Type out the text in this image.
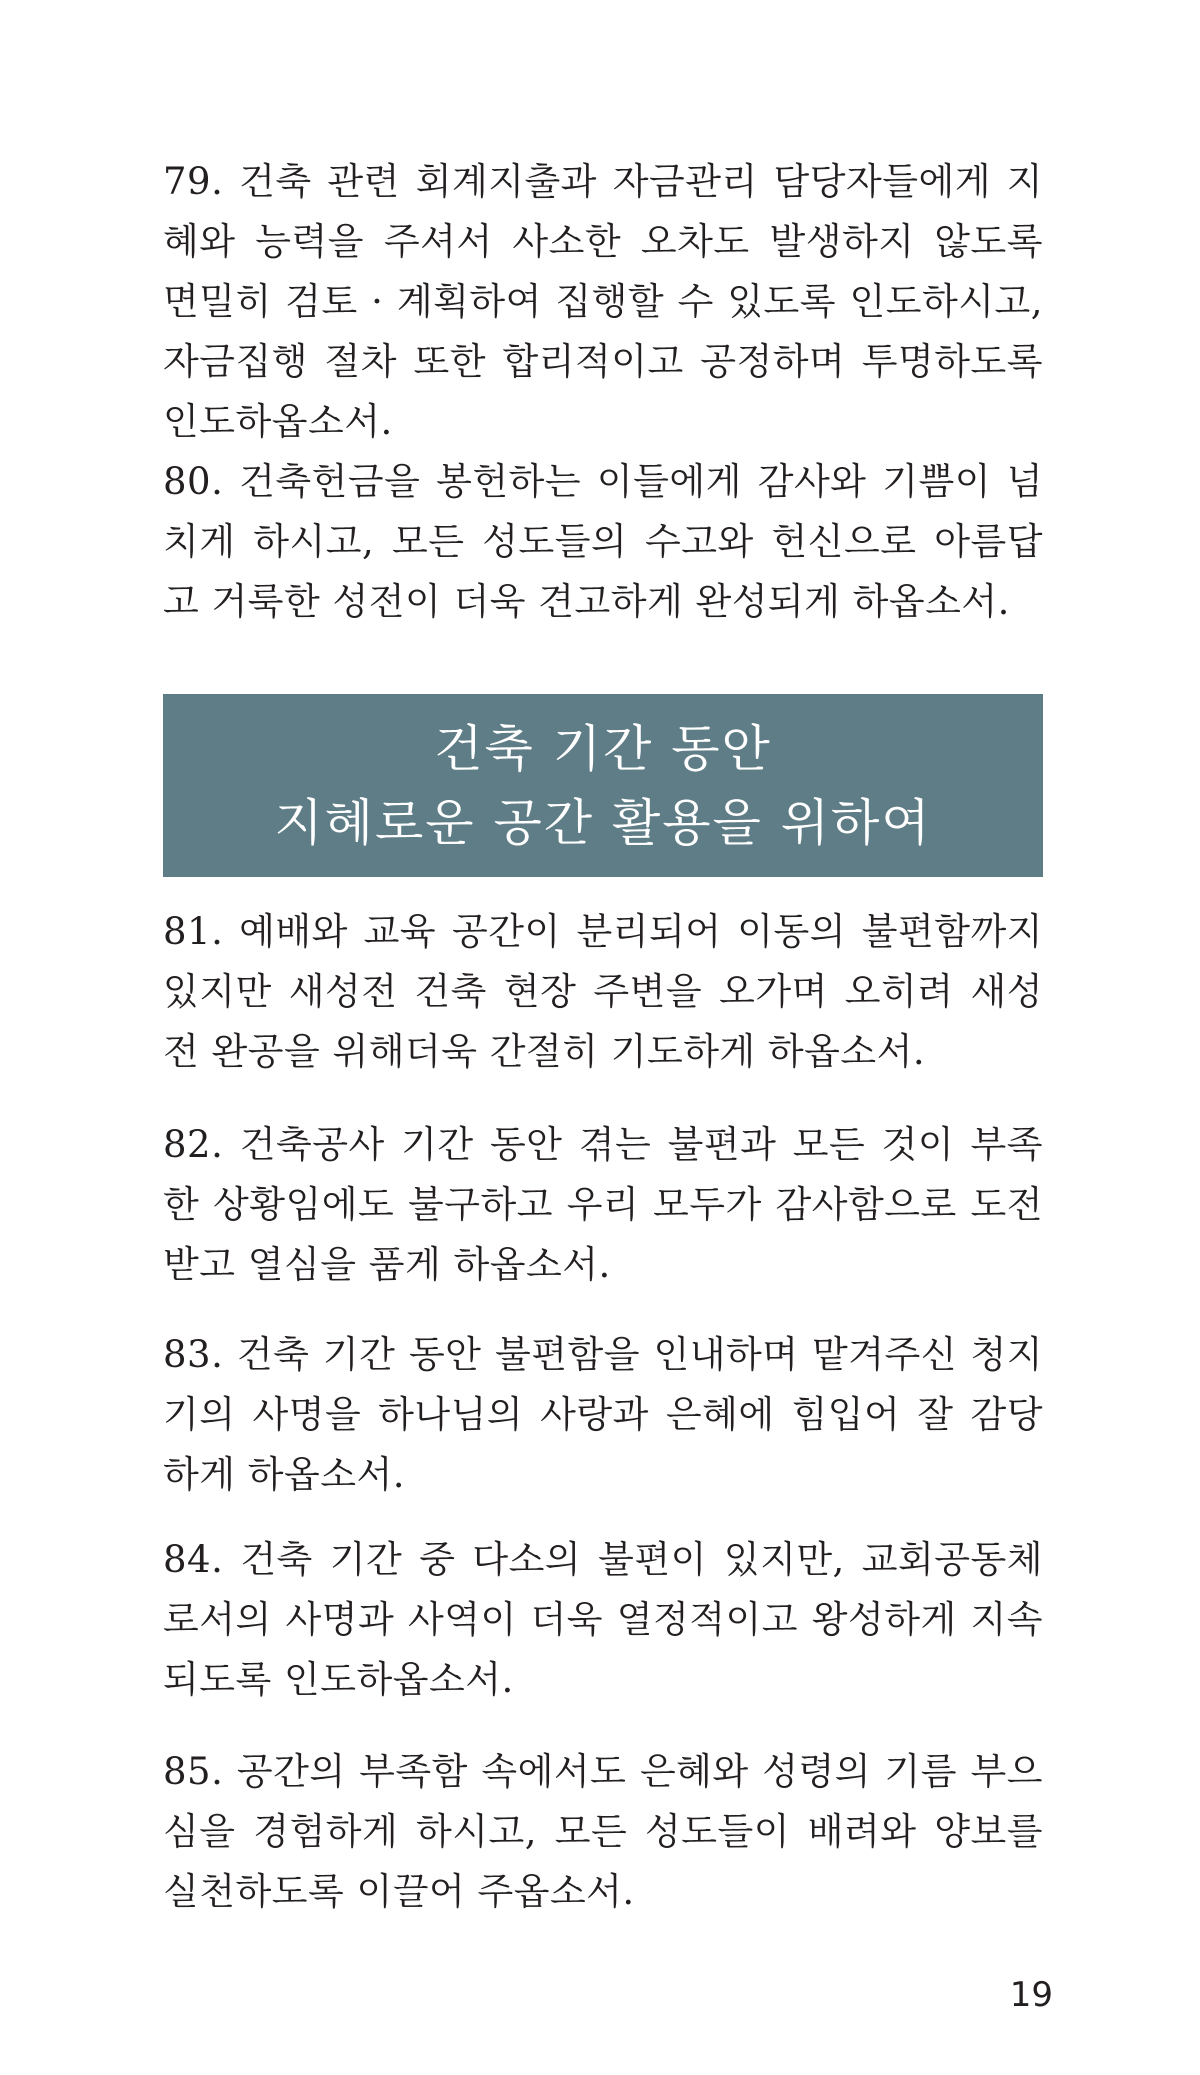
79. 건축 관련 회계지출과 자금관리 담당자들에게 지혜와 능력을 주셔서 사소한 오차도 발생하지 않도록 면밀히 검토 · 계획하여 집행할 수 있도록 인도하시고, 자금집행 절차 또한 합리적이고 공정하며 투명하도록 인도하옵소서.

80. 건축헌금을 봉헌하는 이들에게 감사와 기쁨이 넘치게 하시고, 모든 성도들의 수고와 헌신으로 아름답고 거룩한 성전이 더욱 견고하게 완성되게 하옵소서.

건축 기간 동안
지혜로운 공간 활용을 위하여

81. 예배와 교육 공간이 분리되어 이동의 불편함까지 있지만 새성전 건축 현장 주변을 오가며 오히려 새성전 완공을 위해더욱 간절히 기도하게 하옵소서.

82. 건축공사 기간 동안 겪는 불편과 모든 것이 부족한 상황임에도 불구하고 우리 모두가 감사함으로 도전 받고 열심을 품게 하옵소서.

83. 건축 기간 동안 불편함을 인내하며 맡겨주신 청지기의 사명을 하나님의 사랑과 은혜에 힘입어 잘 감당하게 하옵소서.

84. 건축 기간 중 다소의 불편이 있지만, 교회공동체로서의 사명과 사역이 더욱 열정적이고 왕성하게 지속되도록 인도하옵소서.

85. 공간의 부족함 속에서도 은혜와 성령의 기름 부으심을 경험하게 하시고, 모든 성도들이 배려와 양보를 실천하도록 이끌어 주옵소서.

19
